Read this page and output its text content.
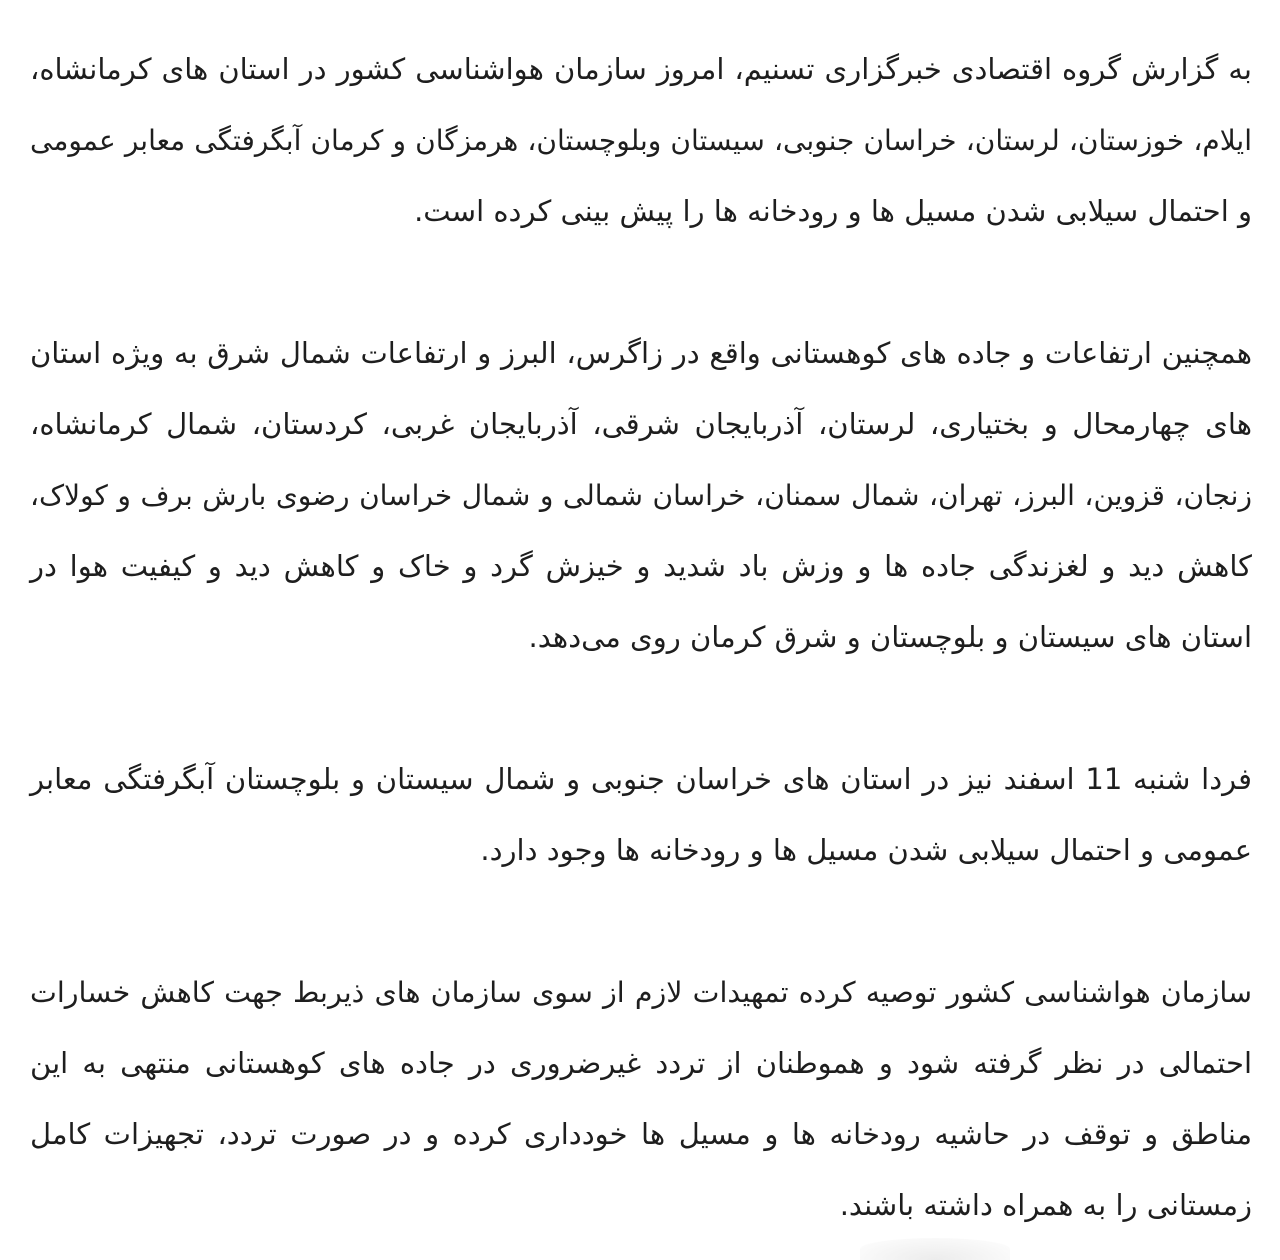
به گزارش گروه اقتصادی خبرگزاری تسنیم، امروز سازمان هواشناسی کشور در استان های کرمانشاه،
ایلام، خوزستان، لرستان، خراسان جنوبی، سیستان وبلوچستان، هرمزگان و کرمان آبگرفتگی معابر عمومی
و احتمال سیلابی شدن مسیل ها و رودخانه ها را پیش بینی کرده است.

همچنین ارتفاعات و جاده های کوهستانی واقع در زاگرس، البرز و ارتفاعات شمال شرق به ویژه استان
های چهارمحال و بختیاری، لرستان، آذربایجان شرقی، آذربایجان غربی، کردستان، شمال کرمانشاه،
زنجان، قزوین، البرز، تهران، شمال سمنان، خراسان شمالی و شمال خراسان رضوی بارش برف و کولاک،
کاهش دید و لغزندگی جاده ها و وزش باد شدید و خیزش گرد و خاک و کاهش دید و کیفیت هوا در
استان های سیستان و بلوچستان و شرق کرمان روی می‌دهد.

فردا شنبه 11 اسفند نیز در استان های خراسان جنوبی و شمال سیستان و بلوچستان آبگرفتگی معابر
عمومی و احتمال سیلابی شدن مسیل ها و رودخانه ها وجود دارد.

سازمان هواشناسی کشور توصیه کرده تمهیدات لازم از سوی سازمان های ذیربط جهت کاهش خسارات
احتمالی در نظر گرفته شود و هموطنان از تردد غیرضروری در جاده های کوهستانی منتهی به این
مناطق و توقف در حاشیه رودخانه ها و مسیل ها خودداری کرده و در صورت تردد، تجهیزات کامل
زمستانی را به همراه داشته باشند.
